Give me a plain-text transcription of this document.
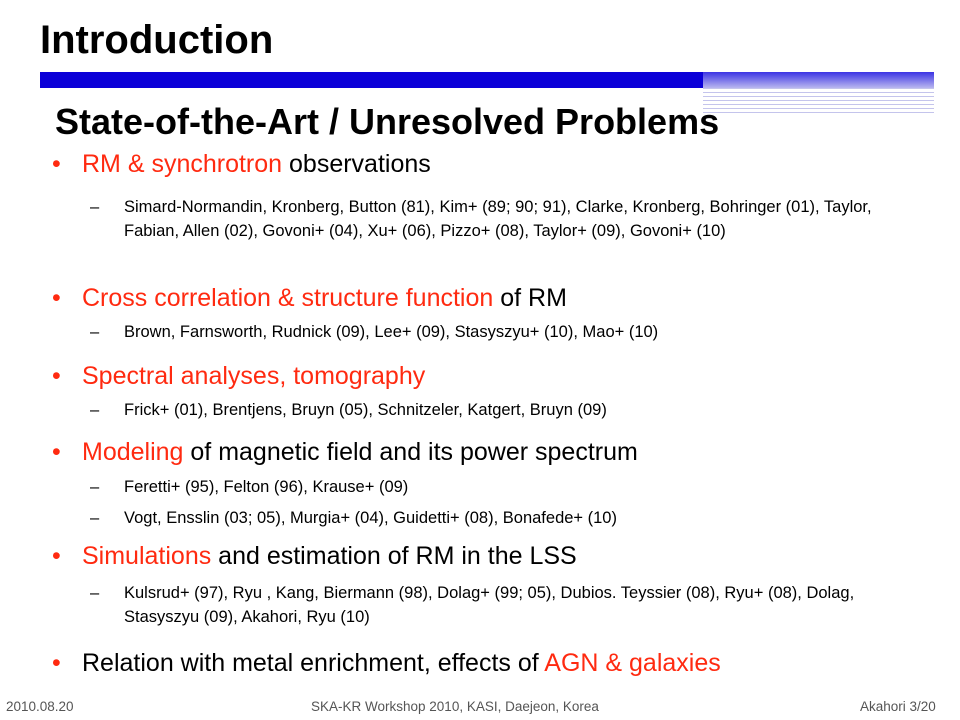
Introduction
State-of-the-Art / Unresolved Problems
• RM & synchrotron observations
–	Simard-Normandin, Kronberg, Button (81), Kim+ (89; 90; 91), Clarke, Kronberg, Bohringer (01), Taylor, Fabian, Allen (02), Govoni+ (04), Xu+ (06), Pizzo+ (08), Taylor+ (09), Govoni+ (10)
• Cross correlation & structure function of RM
–	Brown, Farnsworth, Rudnick (09), Lee+ (09), Stasyszyu+ (10), Mao+ (10)
• Spectral analyses, tomography
–	Frick+ (01), Brentjens, Bruyn (05), Schnitzeler, Katgert, Bruyn (09)
• Modeling of magnetic field and its power spectrum
–	Feretti+ (95), Felton (96), Krause+ (09)
–	Vogt, Ensslin (03; 05), Murgia+ (04), Guidetti+ (08), Bonafede+ (10)
• Simulations and estimation of RM in the LSS
–	Kulsrud+ (97), Ryu , Kang, Biermann (98), Dolag+ (99; 05), Dubios. Teyssier (08), Ryu+ (08), Dolag, Stasyszyu (09), Akahori, Ryu (10)
• Relation with metal enrichment, effects of AGN & galaxies
2010.08.20	SKA-KR Workshop 2010, KASI, Daejeon, Korea	Akahori 3/20
